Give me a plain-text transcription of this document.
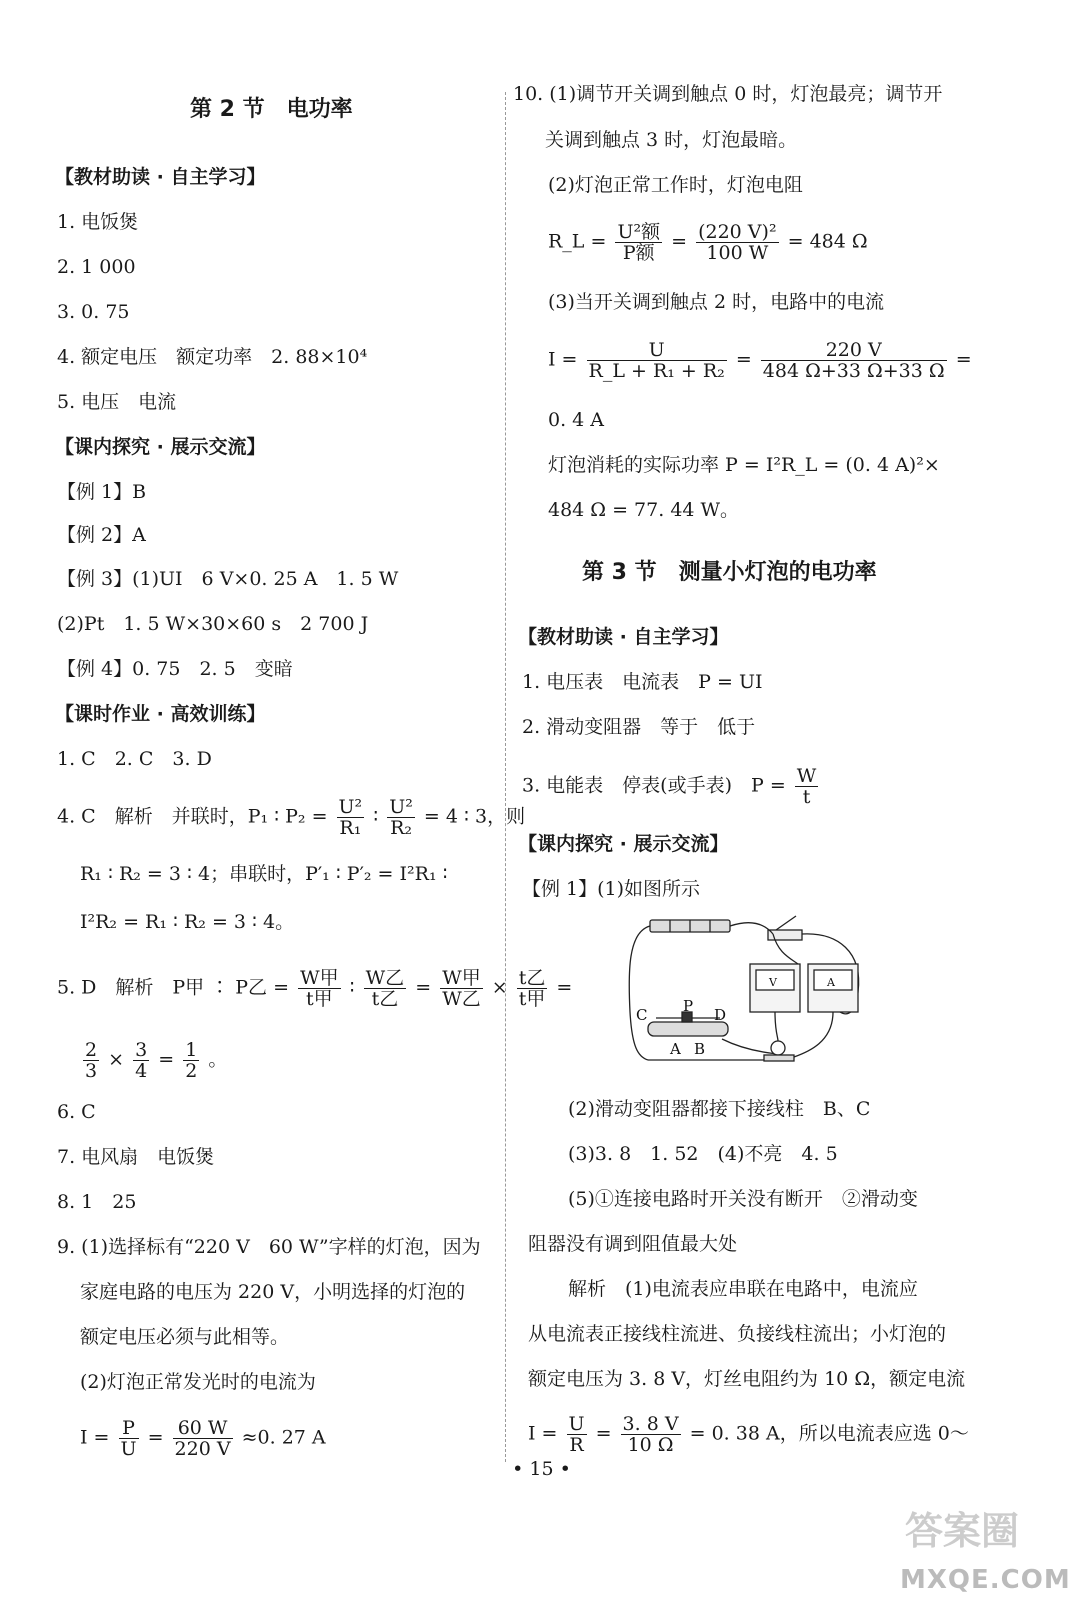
第 2 节　电功率
【教材助读 · 自主学习】
1. 电饭煲
2. 1 000
3. 0. 75
4. 额定电压　额定功率　2. 88×10⁴
5. 电压　电流
【课内探究 · 展示交流】
【例 1】B
【例 2】A
【例 3】(1)UI　6 V×0. 25 A　1. 5 W
(2)Pt　1. 5 W×30×60 s　2 700 J
【例 4】0. 75　2. 5　变暗
【课时作业 · 高效训练】
1. C　2. C　3. D
4. C　解析　并联时，P₁ ∶ $P_2 = \frac{\text{U²}}{\text{R₁}}$ ∶ $\frac{\text{U²}}{\text{R₂}} = 4$ ∶ 3，则
R₁ ∶ R₂ = 3 ∶ 4；串联时，P′₁ ∶ P′₂ = I²R₁ ∶
I²R₂ = R₁ ∶ R₂ = 3 ∶ 4。
5. D　解析　P甲 ∶ P乙 = $\frac{\text{W甲}}{\text{t甲}}$ ∶ $\frac{\text{W乙}}{\text{t乙}} = \frac{\text{W甲}}{\text{W乙}} \times \frac{\text{t乙}}{\text{t甲}}$ =
$\frac{2}{3} \times \frac{3}{4} = \frac{1}{2}$ 。
6. C
7. 电风扇　电饭煲
8. 1　25
9. (1)选择标有“220 V　60 W”字样的灯泡，因为
家庭电路的电压为 220 V，小明选择的灯泡的
额定电压必须与此相等。
(2)灯泡正常发光时的电流为
$I = \frac{P}{U} = \frac{60 W}{220 V} \approx 0$. 27 A
10. (1)调节开关调到触点 0 时，灯泡最亮；调节开
关调到触点 3 时，灯泡最暗。
(2)灯泡正常工作时，灯泡电阻
R_L = $\frac{\text{U²额}}{\text{P额}} = \frac{\text{(220 V)²}}{100 W} = 484$ Ω
(3)当开关调到触点 2 时，电路中的电流
$I = \frac{U}{\text{R\_L + R₁ + R₂}} = \frac{220 V}{484 \Omega+33 \Omega+33 \Omega}$ =
0. 4 A
灯泡消耗的实际功率 P = I²R_L = (0. 4 A)²×
484 Ω = 77. 44 W。
第 3 节　测量小灯泡的电功率
【教材助读 · 自主学习】
1. 电压表　电流表　P = UI
2. 滑动变阻器　等于　低于
3. 电能表　停表(或手表)　$P = \frac{W}{t}$
【课内探究 · 展示交流】
【例 1】(1)如图所示
C P D
A B
V	A
(2)滑动变阻器都接下接线柱　B、C
(3)3. 8　1. 52　(4)不亮　4. 5
(5)①连接电路时开关没有断开　②滑动变
阻器没有调到阻值最大处
解析　(1)电流表应串联在电路中，电流应
从电流表正接线柱流进、负接线柱流出；小灯泡的
额定电压为 3. 8 V，灯丝电阻约为 10 Ω，额定电流
$I = \frac{U}{R} = \frac{3. 8 V}{10 \Omega} = 0$. 38 A，所以电流表应选 0～
• 15 •
答案圈
MXQE.COM
